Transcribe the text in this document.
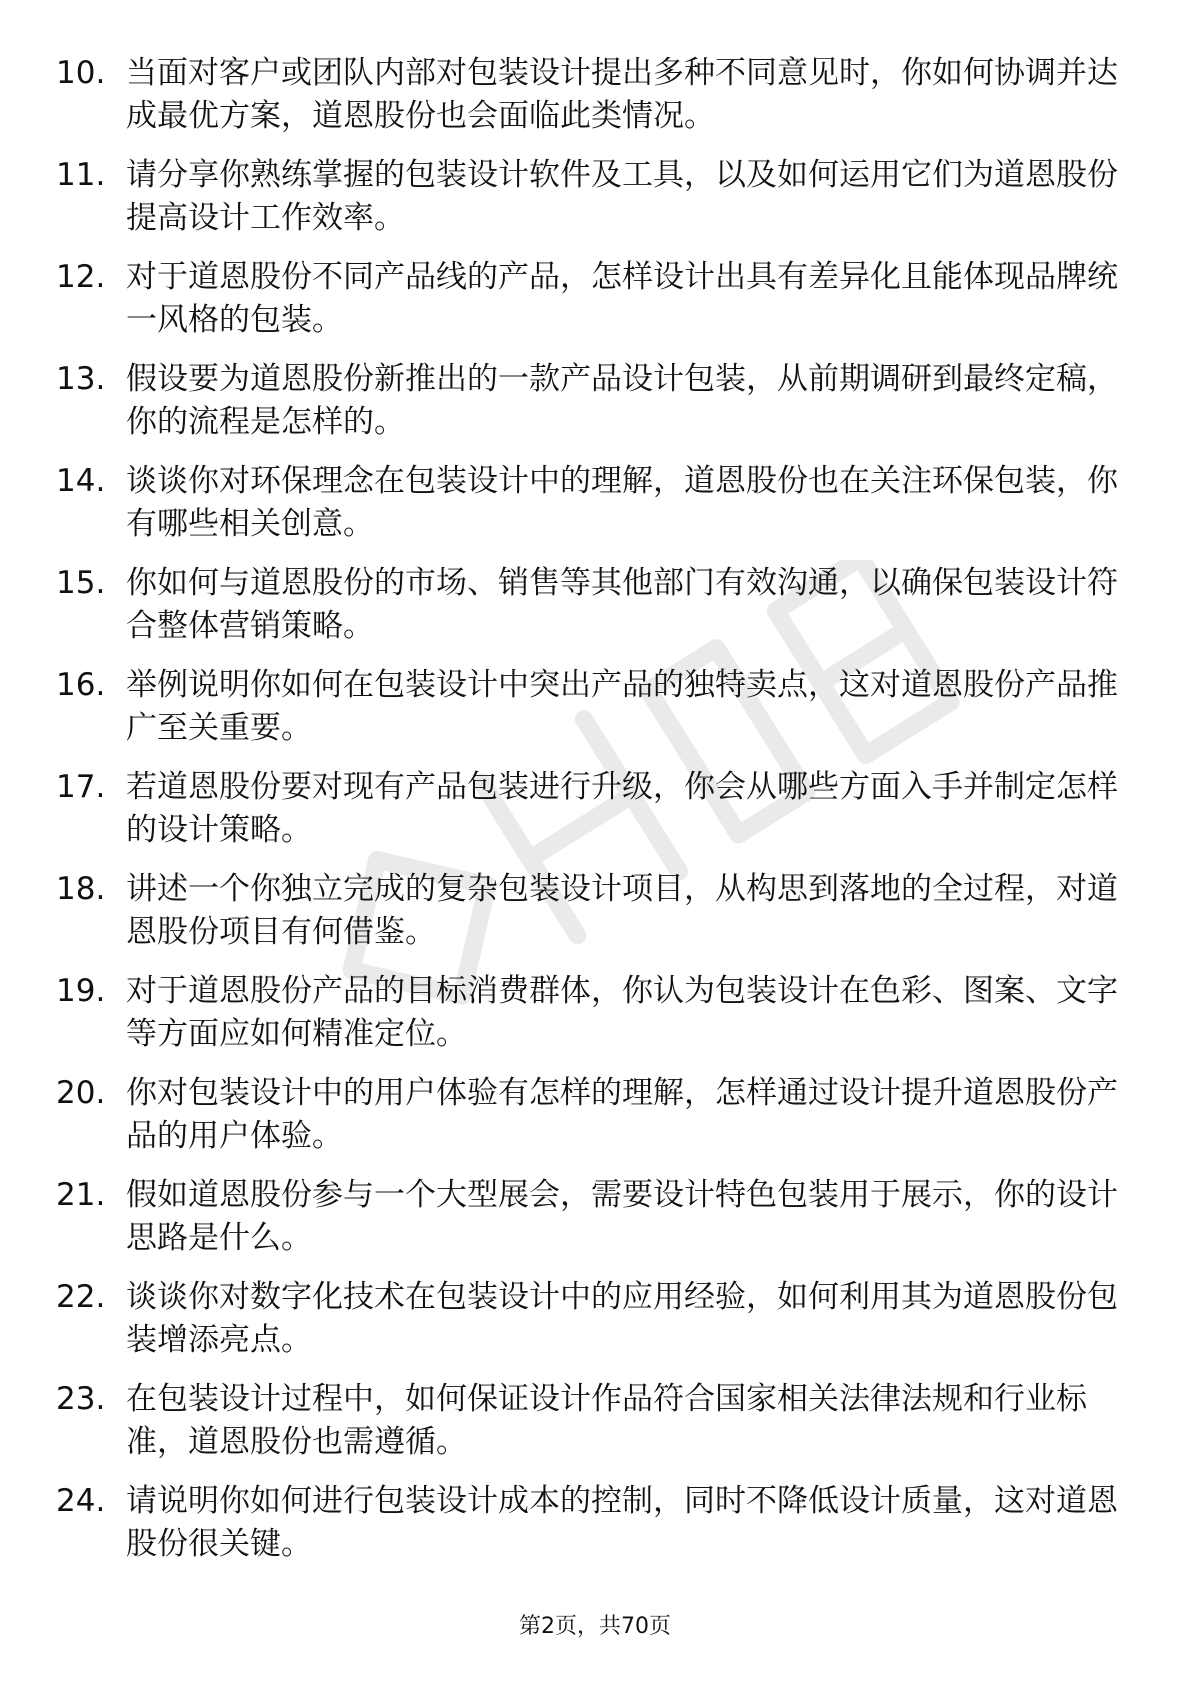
10. 当面对客户或团队内部对包装设计提出多种不同意见时，你如何协调并达成最优方案，道恩股份也会面临此类情况。
11. 请分享你熟练掌握的包装设计软件及工具，以及如何运用它们为道恩股份提高设计工作效率。
12. 对于道恩股份不同产品线的产品，怎样设计出具有差异化且能体现品牌统一风格的包装。
13. 假设要为道恩股份新推出的一款产品设计包装，从前期调研到最终定稿，你的流程是怎样的。
14. 谈谈你对环保理念在包装设计中的理解，道恩股份也在关注环保包装，你有哪些相关创意。
15. 你如何与道恩股份的市场、销售等其他部门有效沟通，以确保包装设计符合整体营销策略。
16. 举例说明你如何在包装设计中突出产品的独特卖点，这对道恩股份产品推广至关重要。
17. 若道恩股份要对现有产品包装进行升级，你会从哪些方面入手并制定怎样的设计策略。
18. 讲述一个你独立完成的复杂包装设计项目，从构思到落地的全过程，对道恩股份项目有何借鉴。
19. 对于道恩股份产品的目标消费群体，你认为包装设计在色彩、图案、文字等方面应如何精准定位。
20. 你对包装设计中的用户体验有怎样的理解，怎样通过设计提升道恩股份产品的用户体验。
21. 假如道恩股份参与一个大型展会，需要设计特色包装用于展示，你的设计思路是什么。
22. 谈谈你对数字化技术在包装设计中的应用经验，如何利用其为道恩股份包装增添亮点。
23. 在包装设计过程中，如何保证设计作品符合国家相关法律法规和行业标准，道恩股份也需遵循。
24. 请说明你如何进行包装设计成本的控制，同时不降低设计质量，这对道恩股份很关键。
第2页，共70页
